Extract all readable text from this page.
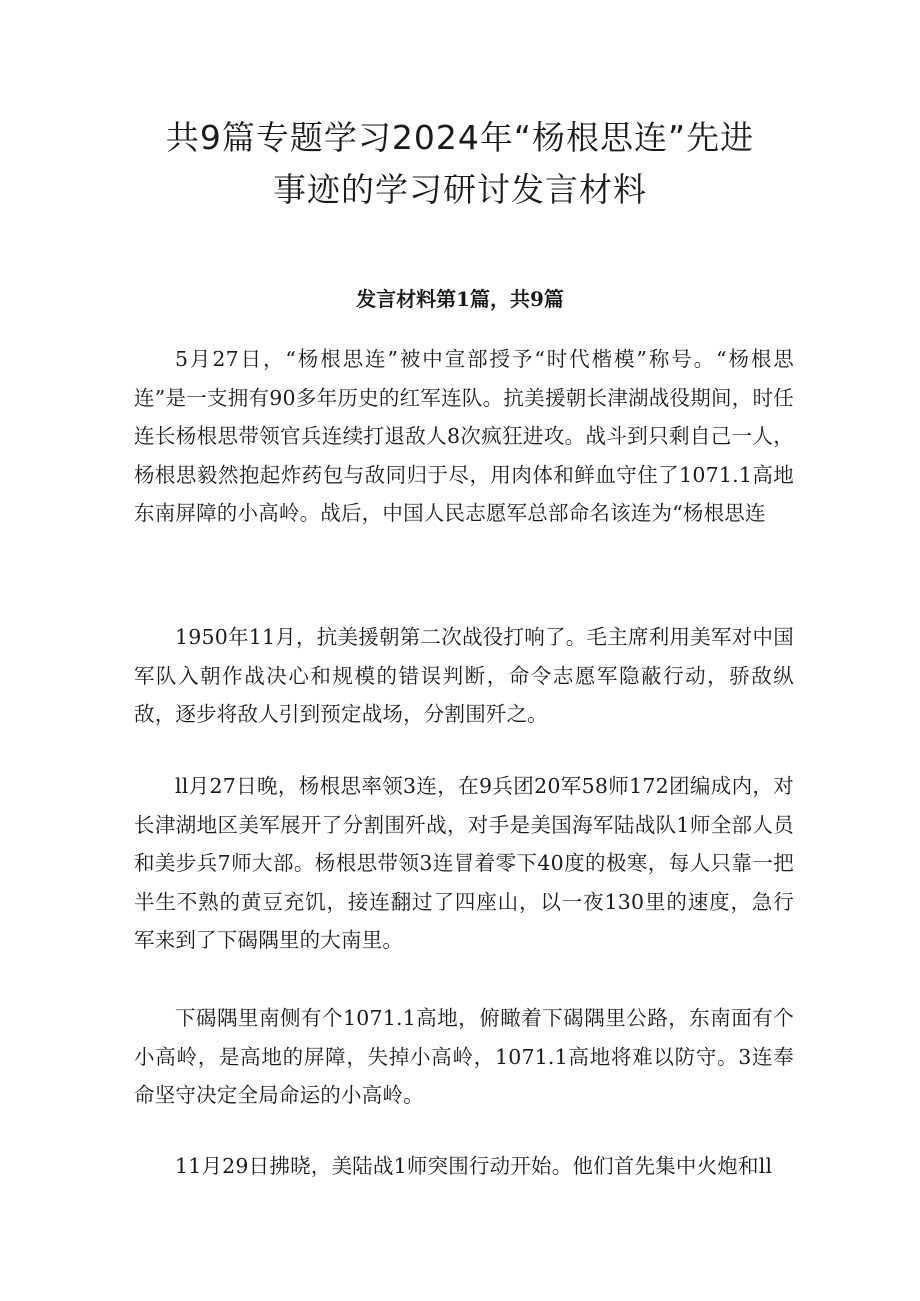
共9篇专题学习2024年“杨根思连”先进
事迹的学习研讨发言材料
发言材料第1篇，共9篇

5月27日，“杨根思连”被中宣部授予“时代楷模”称号。“杨根思连”是一支拥有90多年历史的红军连队。抗美援朝长津湖战役期间，时任连长杨根思带领官兵连续打退敌人8次疯狂进攻。战斗到只剩自己一人，杨根思毅然抱起炸药包与敌同归于尽，用肉体和鲜血守住了1071.1高地东南屏障的小高岭。战后，中国人民志愿军总部命名该连为“杨根思连

1950年11月，抗美援朝第二次战役打响了。毛主席利用美军对中国军队入朝作战决心和规模的错误判断，命令志愿军隐蔽行动，骄敌纵敌，逐步将敌人引到预定战场，分割围歼之。

ll月27日晚，杨根思率领3连，在9兵团20军58师172团编成内，对长津湖地区美军展开了分割围歼战，对手是美国海军陆战队1师全部人员和美步兵7师大部。杨根思带领3连冒着零下40度的极寒，每人只靠一把半生不熟的黄豆充饥，接连翻过了四座山，以一夜130里的速度，急行军来到了下碣隅里的大南里。

下碣隅里南侧有个1071.1高地，俯瞰着下碣隅里公路，东南面有个小高岭，是高地的屏障，失掉小高岭，1071.1高地将难以防守。3连奉命坚守决定全局命运的小高岭。

11月29日拂晓，美陆战1师突围行动开始。他们首先集中火炮和ll
